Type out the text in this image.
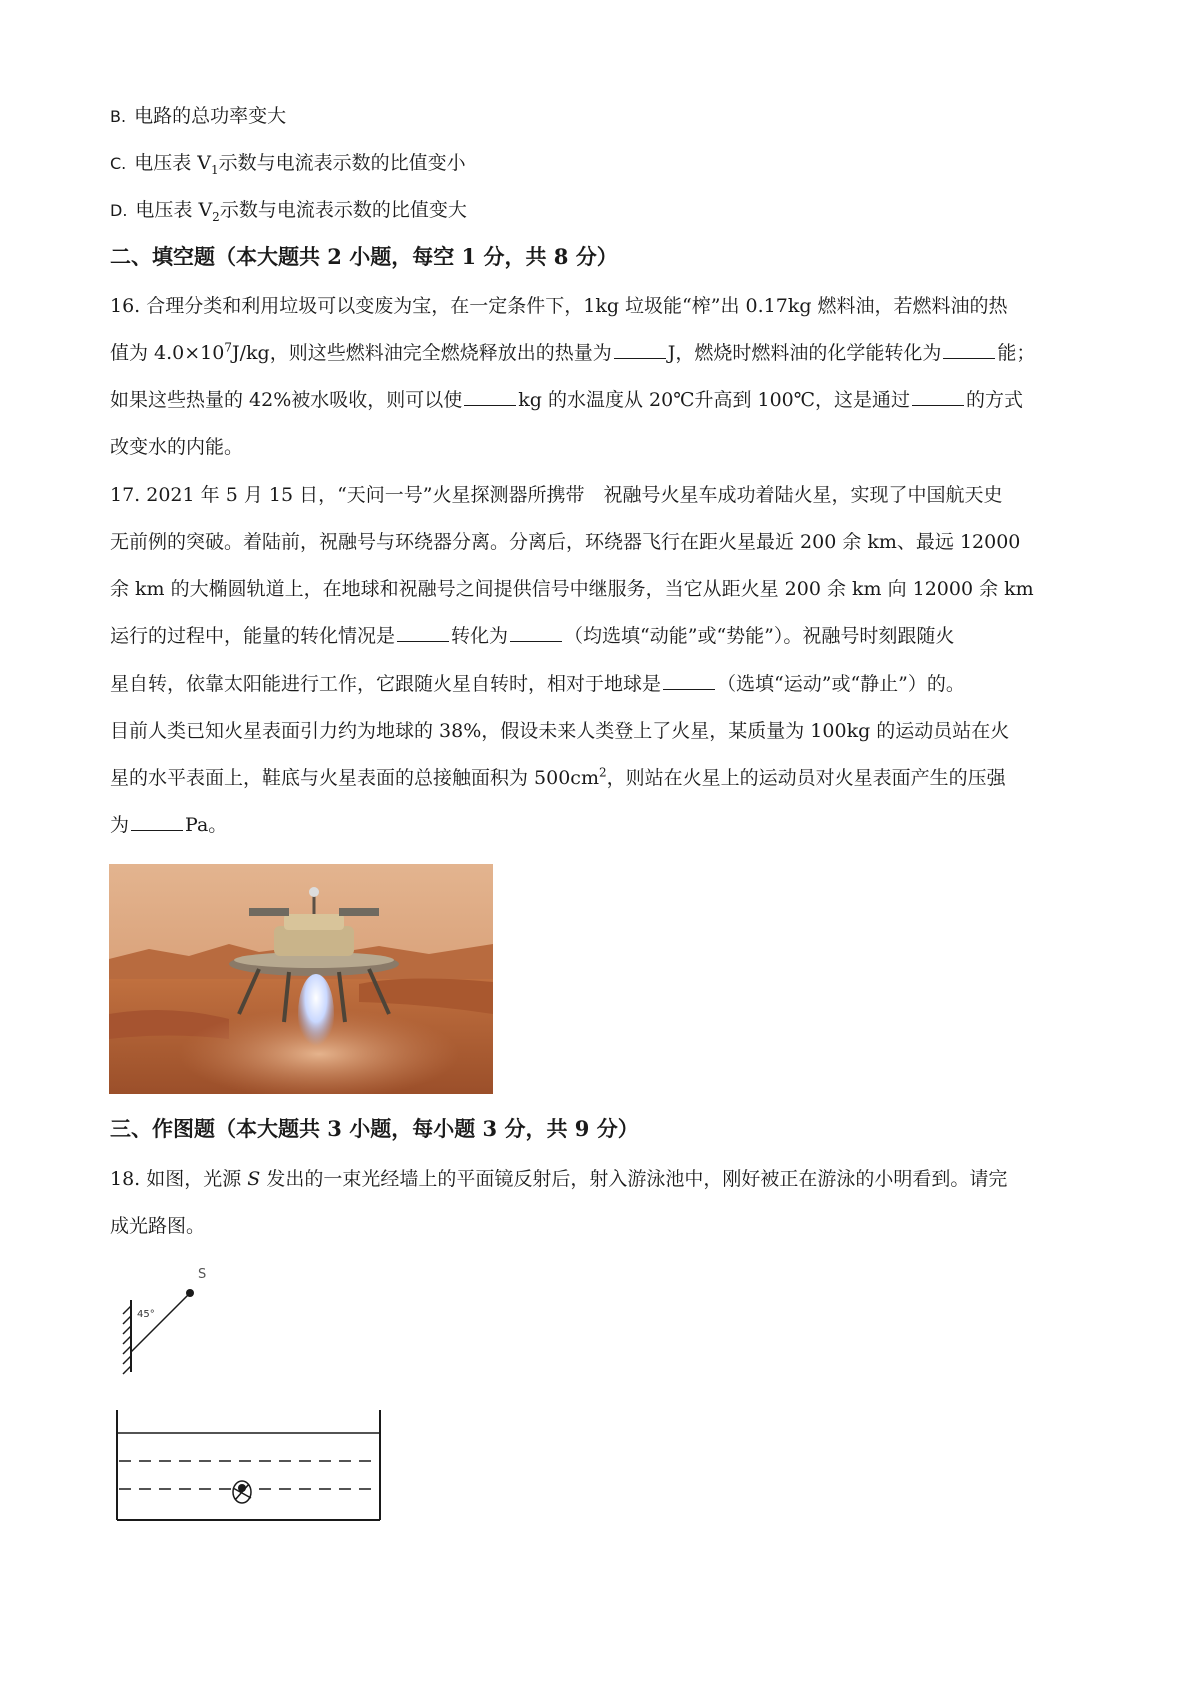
B. 电路的总功率变大
C. 电压表 $V_1$示数与电流表示数的比值变小
D. 电压表 $V_2$示数与电流表示数的比值变大
二、填空题（本大题共 2 小题，每空 1 分，共 8 分）
16. 合理分类和利用垃圾可以变废为宝，在一定条件下，1kg 垃圾能“榨”出 0.17kg 燃料油，若燃料油的热
值为 $4.0\times 10^7J/kg$，则这些燃料油完全燃烧释放出的热量为	J，燃烧时燃料油的化学能转化为	能；
如果这些热量的 42%被水吸收，则可以使	kg 的水温度从 20℃升高到 100℃，这是通过	的方式
改变水的内能。
17. 2021 年 5 月 15 日，“天问一号”火星探测器所携带　祝融号火星车成功着陆火星，实现了中国航天史
无前例的突破。着陆前，祝融号与环绕器分离。分离后，环绕器飞行在距火星最近 200 余 km、最远 12000
余 km 的大椭圆轨道上，在地球和祝融号之间提供信号中继服务，当它从距火星 200 余 km 向 12000 余 km
运行的过程中，能量的转化情况是	转化为	（均选填“动能”或“势能”）。祝融号时刻跟随火
星自转，依靠太阳能进行工作，它跟随火星自转时，相对于地球是	（选填“运动”或“静止”）的。
目前人类已知火星表面引力约为地球的 38%，假设未来人类登上了火星，某质量为 100kg 的运动员站在火
星的水平表面上，鞋底与火星表面的总接触面积为 $500cm^2$，则站在火星上的运动员对火星表面产生的压强
为	Pa。
三、作图题（本大题共 3 小题，每小题 3 分，共 9 分）
18. 如图，光源 S 发出的一束光经墙上的平面镜反射后，射入游泳池中，刚好被正在游泳的小明看到。请完
成光路图。
S
45°
